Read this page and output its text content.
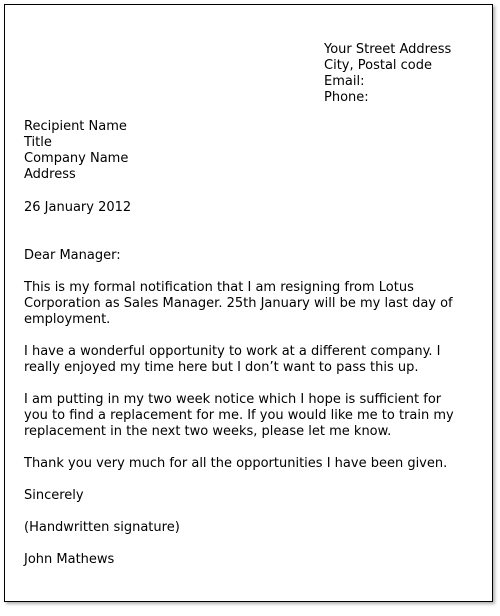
Your Street Address
City, Postal code
Email:
Phone:
Recipient Name
Title
Company Name
Address
26 January 2012
Dear Manager:
This is my formal notification that I am resigning from Lotus
Corporation as Sales Manager. 25th January will be my last day of
employment.
I have a wonderful opportunity to work at a different company. I
really enjoyed my time here but I don’t want to pass this up.
I am putting in my two week notice which I hope is sufficient for
you to find a replacement for me. If you would like me to train my
replacement in the next two weeks, please let me know.
Thank you very much for all the opportunities I have been given.
Sincerely
(Handwritten signature)
John Mathews
